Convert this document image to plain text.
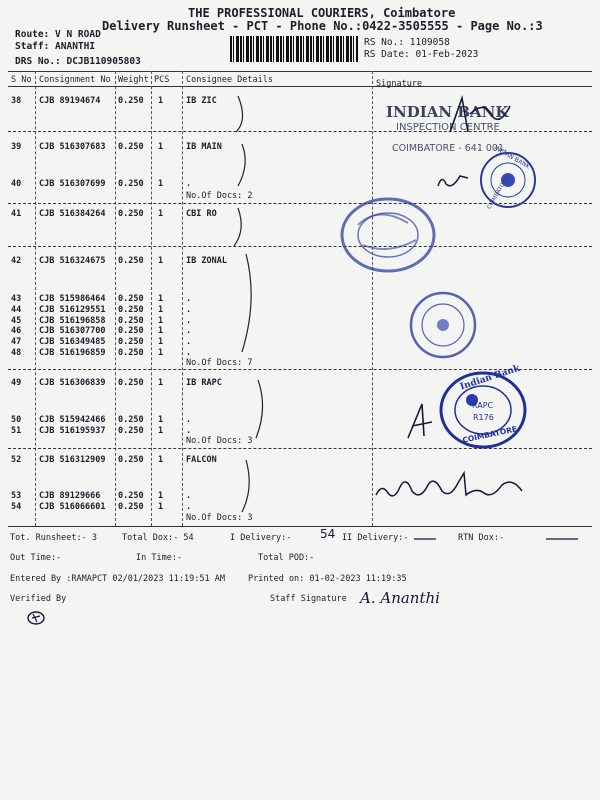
THE PROFESSIONAL COURIERS, Coimbatore
Delivery Runsheet - PCT - Phone No.:0422-3505555 - Page No.:3
Route: V N ROAD
Staff: ANANTHI
DRS No.: DCJB110905803
RS No.: 1109058
RS Date: 01-Feb-2023
S No Consignment No Weight PCS Consignee Details	Signature
38 CJB 89194674 0.250 1	IB ZIC
39 CJB 516307683 0.250 1	IB MAIN
40 CJB 516307699 0.250 1	.
No.Of Docs: 2
41 CJB 516384264 0.250 1	CBI RO
42 CJB 516324675 0.250 1	IB ZONAL
43 CJB 515986464 0.250 1	.
44 CJB 516129551 0.250 1	.
45 CJB 516196858 0.250 1	.
46 CJB 516307700 0.250 1	.
47 CJB 516349485 0.250 1	.
48 CJB 516196859 0.250 1	.
No.Of Docs: 7
49 CJB 516306839 0.250 1	IB RAPC
50 CJB 515942466 0.250 1	.
51 CJB 516195937 0.250 1	.
No.Of Docs: 3
52 CJB 516312909 0.250 1	FALCON
53 CJB 89129666 0.250 1	.
54 CJB 516066601 0.250 1	.
No.Of Docs: 3
INDIAN BANK
INSPECTION CENTRE
COIMBATORE - 641 001.
INDIAN BANK
COIMBATORE
Indian Bank
RAPC
R176
COIMBATORE
Tot. Runsheet:- 3	Total Dox:- 54	I Delivery:- 54 II Delivery:-	RTN Dox:-
Out Time:-	In Time:-	Total POD:-
Entered By :RAMAPCT 02/01/2023 11:19:51 AM	Printed on: 01-02-2023 11:19:35
Verified By	Staff Signature A. Ananthi
